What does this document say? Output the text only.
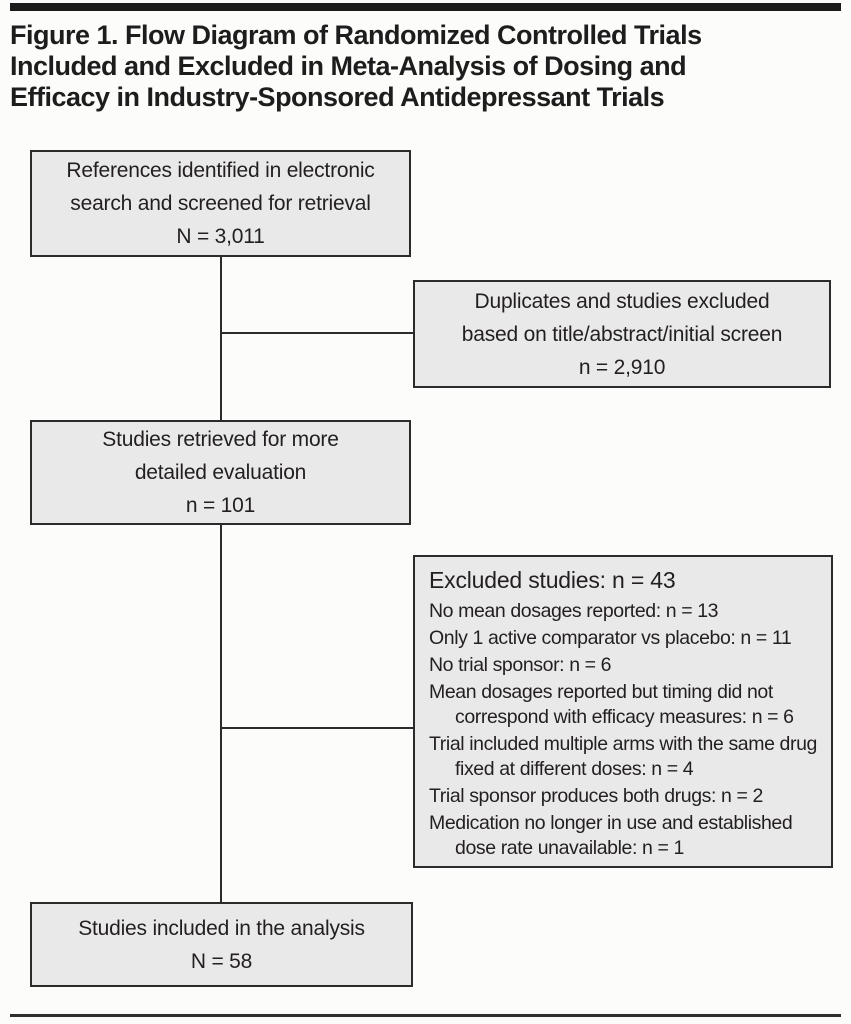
Figure 1. Flow Diagram of Randomized Controlled Trials
Included and Excluded in Meta-Analysis of Dosing and
Efficacy in Industry-Sponsored Antidepressant Trials
References identified in electronic
search and screened for retrieval
N = 3,011
Duplicates and studies excluded
based on title/abstract/initial screen
n = 2,910
Studies retrieved for more
detailed evaluation
n = 101
Excluded studies: n = 43
No mean dosages reported: n = 13
Only 1 active comparator vs placebo: n = 11
No trial sponsor: n = 6
Mean dosages reported but timing did not correspond with efficacy measures: n = 6
Trial included multiple arms with the same drug fixed at different doses: n = 4
Trial sponsor produces both drugs: n = 2
Medication no longer in use and established dose rate unavailable: n = 1
Studies included in the analysis
N = 58
